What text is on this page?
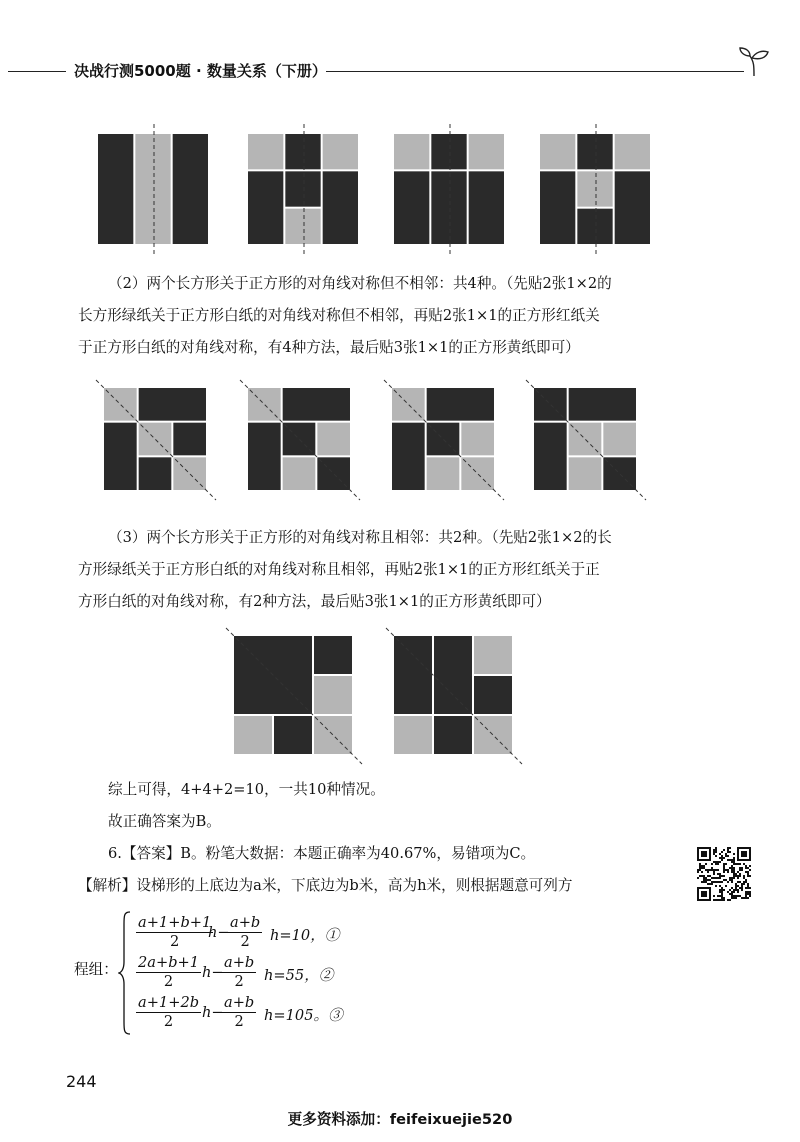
决战行测5000题 · 数量关系（下册）

（2）两个长方形关于正方形的对角线对称但不相邻：共4种。（先贴2张1×2的

长方形绿纸关于正方形白纸的对角线对称但不相邻，再贴2张1×1的正方形红纸关

于正方形白纸的对角线对称，有4种方法，最后贴3张1×1的正方形黄纸即可）

（3）两个长方形关于正方形的对角线对称且相邻：共2种。（先贴2张1×2的长

方形绿纸关于正方形白纸的对角线对称且相邻，再贴2张1×1的正方形红纸关于正

方形白纸的对角线对称，有2种方法，最后贴3张1×1的正方形黄纸即可）

综上可得，4+4+2=10，一共10种情况。

故正确答案为B。

6.【答案】B。粉笔大数据：本题正确率为40.67%，易错项为C。

【解析】设梯形的上底边为a米，下底边为b米，高为h米，则根据题意可列方

程组：
$\frac{a+1+b+1}{2}$
h−
$\frac{a+b}{2} h=10$，①
$\frac{2a+b+1}{2} h-$
$\frac{a+b}{2} h=55$，②
$\frac{a+1+2b}{2} h-$
$\frac{a+b}{2} h=105$。③
244
更多资料添加：feifeixuejie520
